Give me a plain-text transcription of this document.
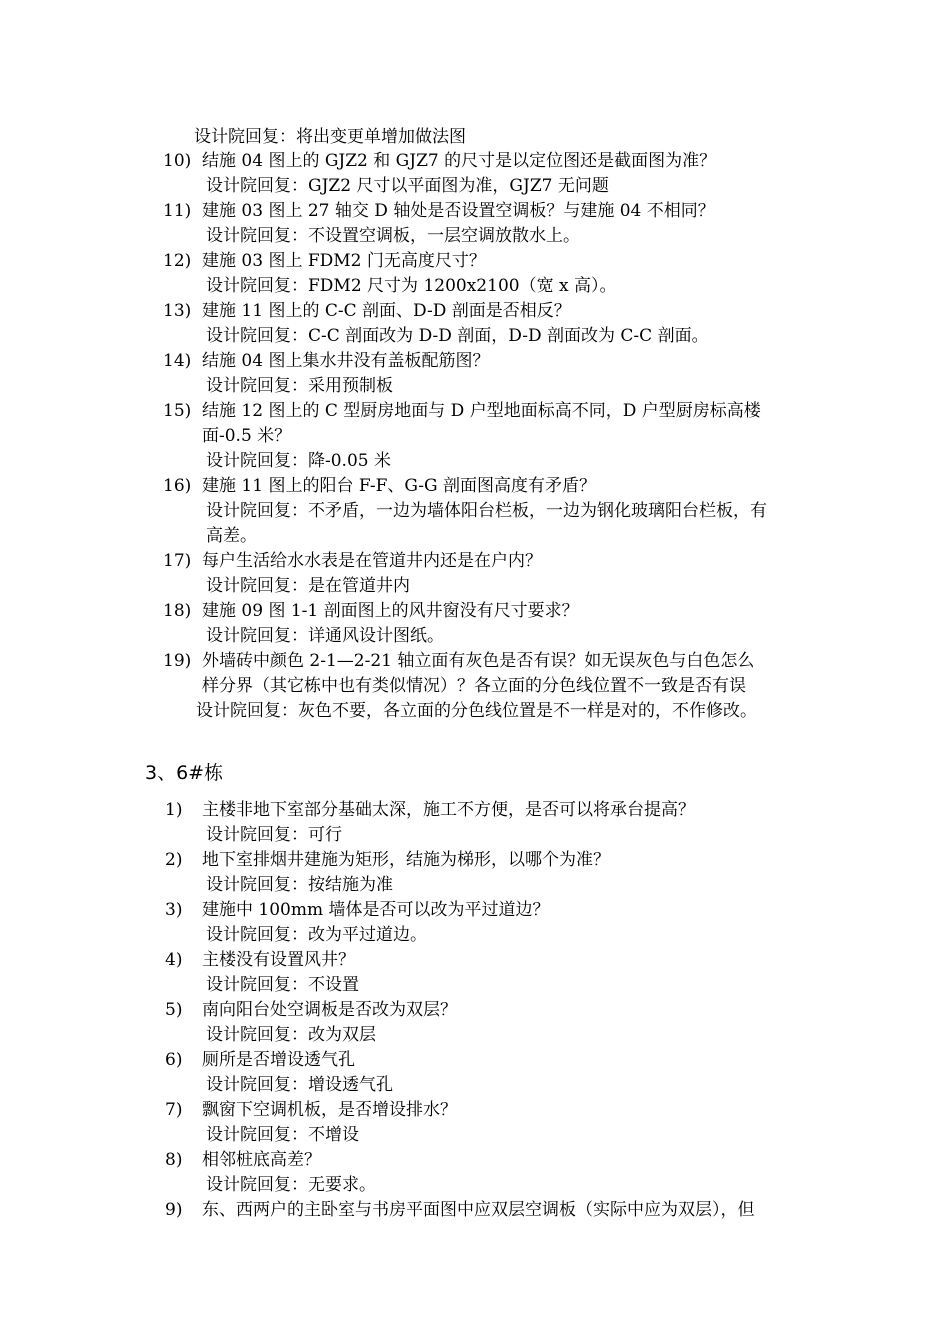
设计院回复：将出变更单增加做法图
10) 结施 04 图上的 GJZ2 和 GJZ7 的尺寸是以定位图还是截面图为准？
设计院回复：GJZ2 尺寸以平面图为准，GJZ7 无问题
11) 建施 03 图上 27 轴交 D 轴处是否设置空调板？与建施 04 不相同？
设计院回复：不设置空调板，一层空调放散水上。
12) 建施 03 图上 FDM2 门无高度尺寸？
设计院回复：FDM2 尺寸为 1200x2100（宽 x 高）。
13) 建施 11 图上的 C-C 剖面、D-D 剖面是否相反？
设计院回复：C-C 剖面改为 D-D 剖面，D-D 剖面改为 C-C 剖面。
14) 结施 04 图上集水井没有盖板配筋图？
设计院回复：采用预制板
15) 结施 12 图上的 C 型厨房地面与 D 户型地面标高不同，D 户型厨房标高楼
面-0.5 米？
设计院回复：降-0.05 米
16) 建施 11 图上的阳台 F-F、G-G 剖面图高度有矛盾？
设计院回复：不矛盾，一边为墙体阳台栏板，一边为钢化玻璃阳台栏板，有
高差。
17) 每户生活给水水表是在管道井内还是在户内？
设计院回复：是在管道井内
18) 建施 09 图 1-1 剖面图上的风井窗没有尺寸要求？
设计院回复：详通风设计图纸。
19) 外墙砖中颜色 2-1—2-21 轴立面有灰色是否有误？如无误灰色与白色怎么
样分界（其它栋中也有类似情况）？各立面的分色线位置不一致是否有误
设计院回复：灰色不要，各立面的分色线位置是不一样是对的，不作修改。
3、6#栋
1) 主楼非地下室部分基础太深，施工不方便，是否可以将承台提高？
设计院回复：可行
2) 地下室排烟井建施为矩形，结施为梯形，以哪个为准？
设计院回复：按结施为准
3) 建施中 100mm 墙体是否可以改为平过道边？
设计院回复：改为平过道边。
4) 主楼没有设置风井？
设计院回复：不设置
5) 南向阳台处空调板是否改为双层？
设计院回复：改为双层
6) 厕所是否增设透气孔
设计院回复：增设透气孔
7) 飘窗下空调机板，是否增设排水？
设计院回复：不增设
8) 相邻桩底高差？
设计院回复：无要求。
9) 东、西两户的主卧室与书房平面图中应双层空调板（实际中应为双层），但
